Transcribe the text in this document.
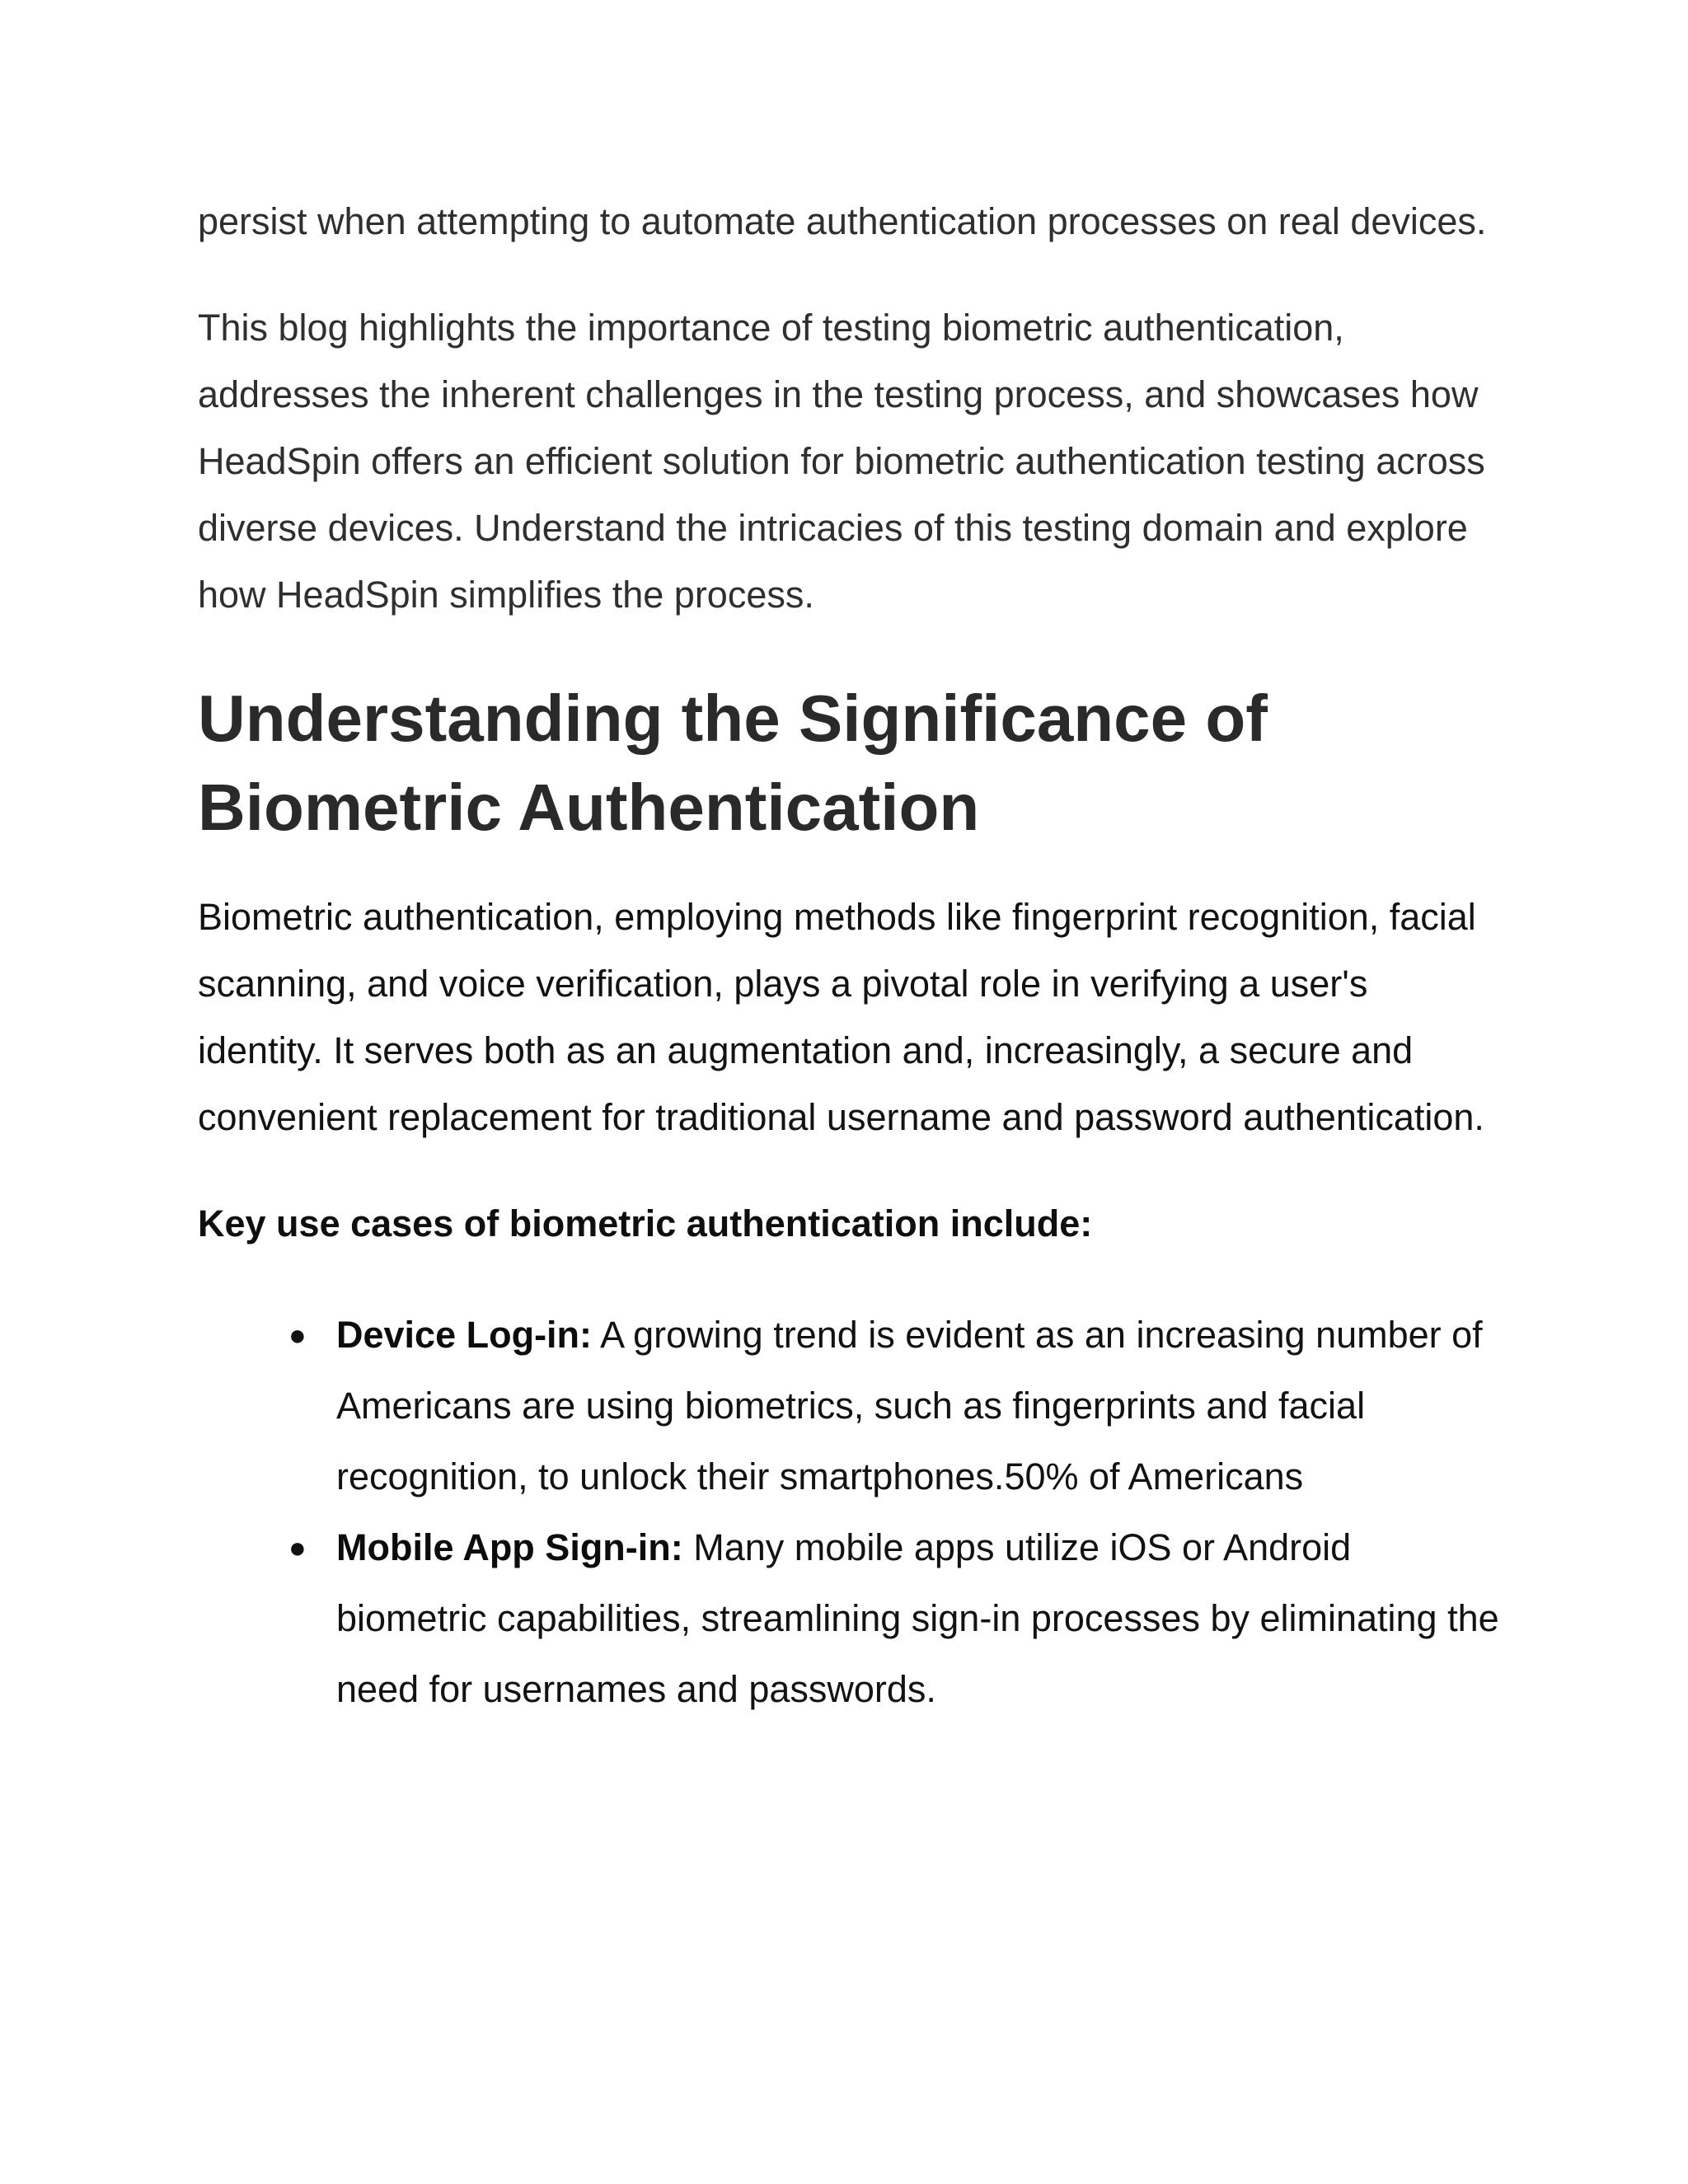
persist when attempting to automate authentication processes on real devices.

This blog highlights the importance of testing biometric authentication, addresses the inherent challenges in the testing process, and showcases how HeadSpin offers an efficient solution for biometric authentication testing across diverse devices. Understand the intricacies of this testing domain and explore how HeadSpin simplifies the process.

Understanding the Significance of Biometric Authentication

Biometric authentication, employing methods like fingerprint recognition, facial scanning, and voice verification, plays a pivotal role in verifying a user's identity. It serves both as an augmentation and, increasingly, a secure and convenient replacement for traditional username and password authentication.

Key use cases of biometric authentication include:

● Device Log-in: A growing trend is evident as an increasing number of Americans are using biometrics, such as fingerprints and facial recognition, to unlock their smartphones.50% of Americans
● Mobile App Sign-in: Many mobile apps utilize iOS or Android biometric capabilities, streamlining sign-in processes by eliminating the need for usernames and passwords.
